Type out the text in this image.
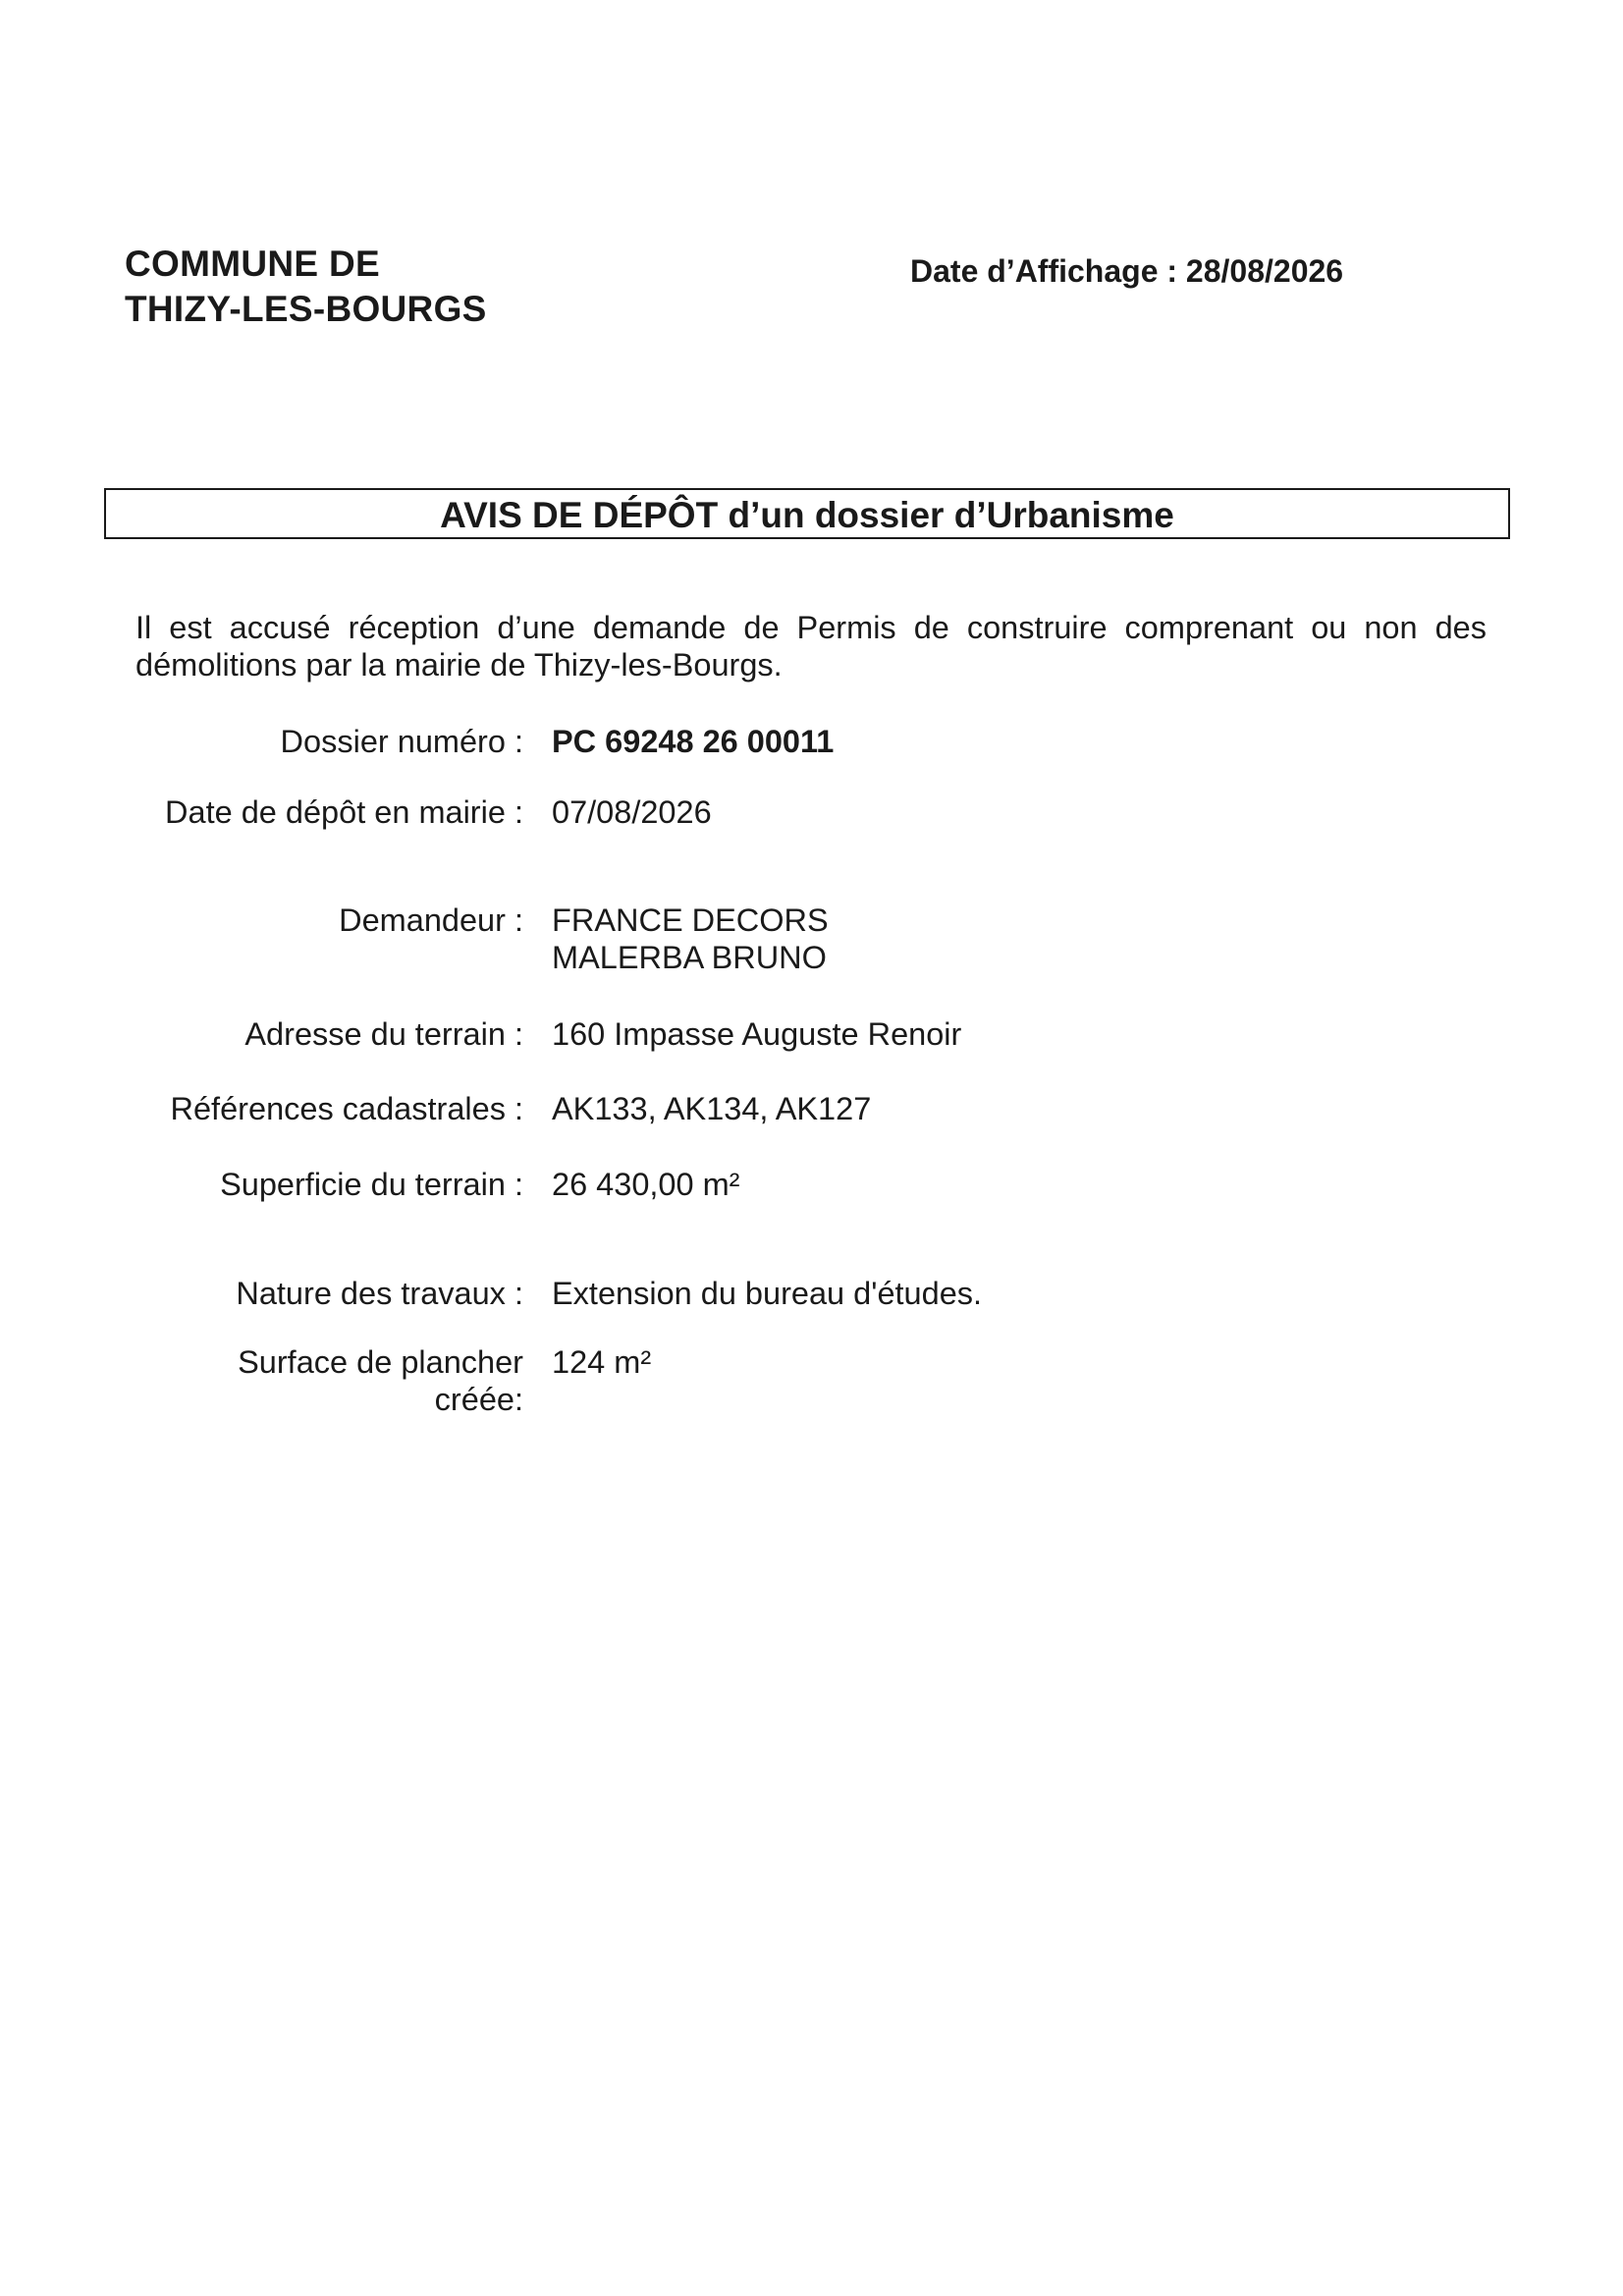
COMMUNE DE
THIZY-LES-BOURGS
Date d’Affichage : 28/08/2026
AVIS DE DÉPÔT d’un dossier d’Urbanisme
Il est accusé réception d’une demande de Permis de construire comprenant ou non des démolitions par la mairie de Thizy-les-Bourgs.
Dossier numéro : PC 69248 26 00011
Date de dépôt en mairie : 07/08/2026
Demandeur : FRANCE DECORS
MALERBA BRUNO
Adresse du terrain : 160 Impasse Auguste Renoir
Références cadastrales : AK133, AK134, AK127
Superficie du terrain : 26 430,00 m²
Nature des travaux : Extension du bureau d'études.
Surface de plancher
créée:
124 m²
